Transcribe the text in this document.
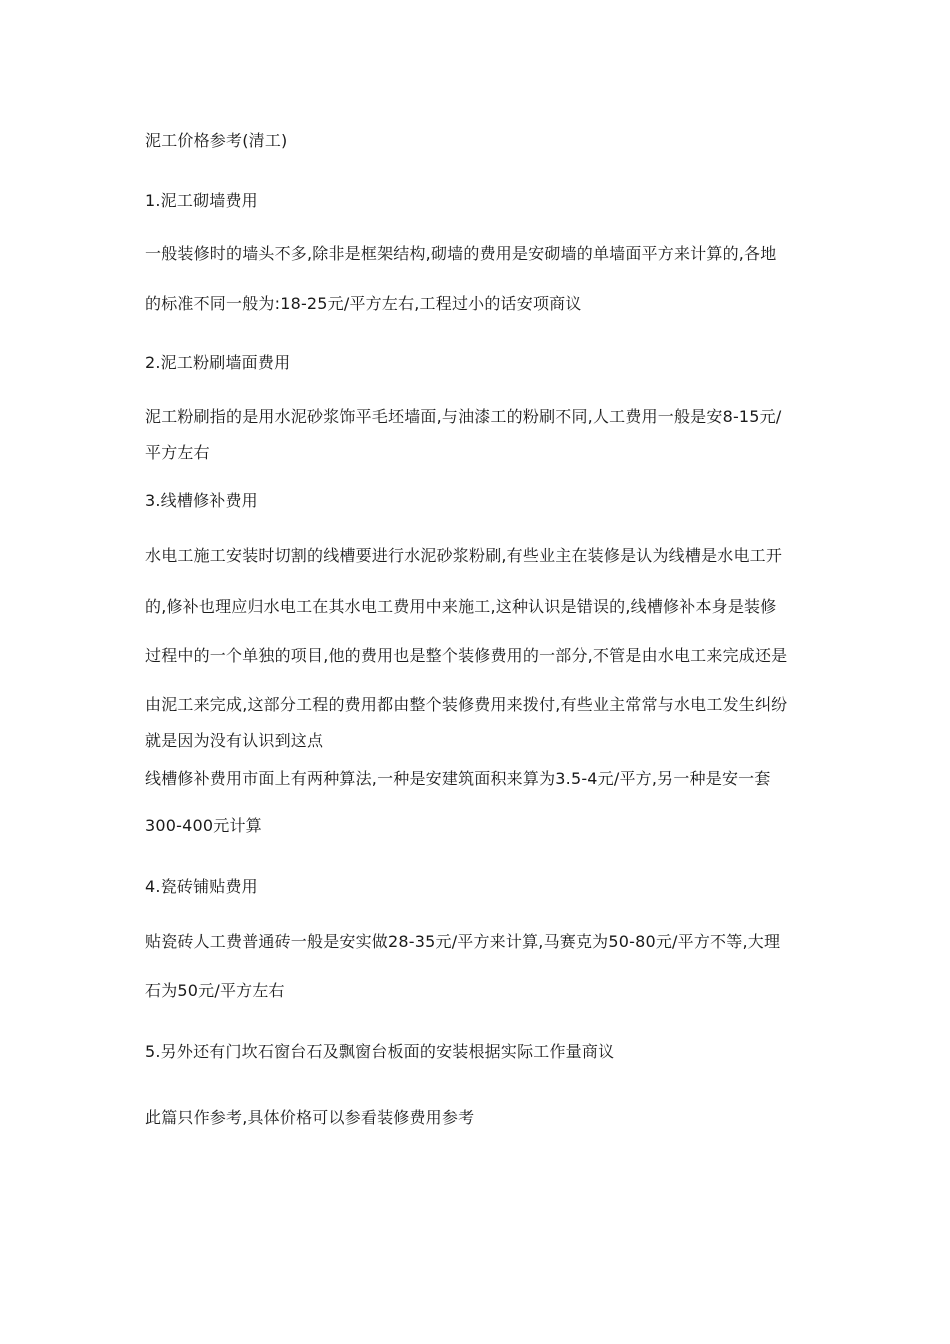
泥工价格参考(清工)
1.泥工砌墙费用
一般装修时的墙头不多,除非是框架结构,砌墙的费用是安砌墙的单墙面平方来计算的,各地
的标准不同一般为:18-25元/平方左右,工程过小的话安项商议
2.泥工粉刷墙面费用
泥工粉刷指的是用水泥砂浆饰平毛坯墙面,与油漆工的粉刷不同,人工费用一般是安8-15元/
平方左右
3.线槽修补费用
水电工施工安装时切割的线槽要进行水泥砂浆粉刷,有些业主在装修是认为线槽是水电工开
的,修补也理应归水电工在其水电工费用中来施工,这种认识是错误的,线槽修补本身是装修
过程中的一个单独的项目,他的费用也是整个装修费用的一部分,不管是由水电工来完成还是
由泥工来完成,这部分工程的费用都由整个装修费用来拨付,有些业主常常与水电工发生纠纷
就是因为没有认识到这点
线槽修补费用市面上有两种算法,一种是安建筑面积来算为3.5-4元/平方,另一种是安一套
300-400元计算
4.瓷砖铺贴费用
贴瓷砖人工费普通砖一般是安实做28-35元/平方来计算,马赛克为50-80元/平方不等,大理
石为50元/平方左右
5.另外还有门坎石窗台石及飘窗台板面的安装根据实际工作量商议
此篇只作参考,具体价格可以参看装修费用参考
